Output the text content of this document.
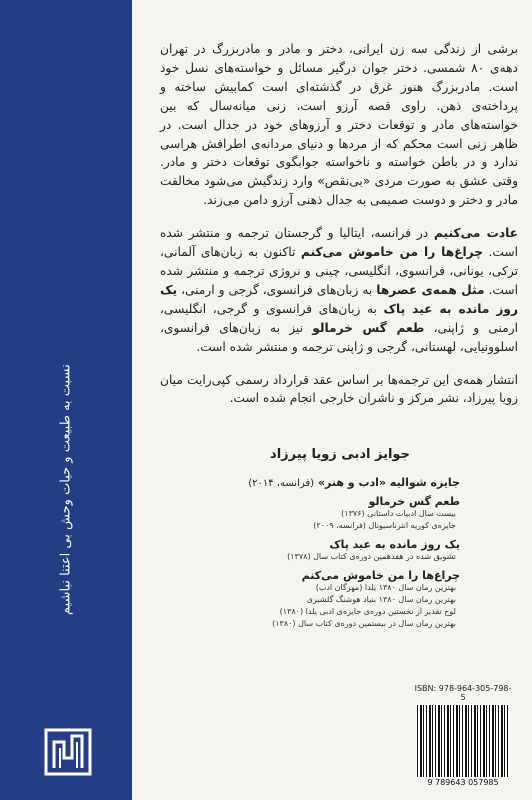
نسبت به طبیعت و حیات وحش بی اعتنا نباشیم

برشی از زندگی سه زن ایرانی، دختر و مادر و مادربزرگ در تهران دهه‌ی ۸۰ شمسی. دختر جوان درگیر مسائل و خواسته‌های نسل خود است. مادربزرگ هنوز غرق در گذشته‌ای است کمابیش ساخته و پرداخته‌ی ذهن. راوی قصه آرزو است، زنی میانه‌سال که بین خواسته‌های مادر و توقعات دختر و آرزوهای خود در جدال است. در ظاهر زنی است محکم که از مردها و دنیای مردانه‌ی اطرافش هراسی ندارد و در باطن خواسته و ناخواسته جوابگوی توقعات دختر و مادر. وقتی عشق به صورت مردی «بی‌نقص» وارد زندگیش می‌شود مخالفت مادر و دختر و دوست صمیمی به جدال ذهنی آرزو دامن می‌زند.

عادت می‌کنیم در فرانسه، ایتالیا و گرجستان ترجمه و منتشر شده است. چراغ‌ها را من خاموش می‌کنم تاکنون به زبان‌های آلمانی، ترکی، یونانی، فرانسوی، انگلیسی، چینی و نروژی ترجمه و منتشر شده است. مثل همه‌ی عصرها به زبان‌های فرانسوی، گرجی و ارمنی، یک روز مانده به عید پاک به زبان‌های فرانسوی و گرجی، انگلیسی، ارمنی و ژاپنی، طعم گس خرمالو نیز به زبان‌های فرانسوی، اسلوونیایی، لهستانی، گرجی و ژاپنی ترجمه و منتشر شده است.

انتشار همه‌ی این ترجمه‌ها بر اساس عقد قرارداد رسمی کپی‌رایت میان زویا پیرزاد، نشر مرکز و ناشران خارجی انجام شده است.

جوایز ادبی زویا پیرزاد
جایزه شوالیه «ادب و هنر» (فرانسه، ۲۰۱۴)
طعم گس خرمالو
بیست سال ادبیات داستانی (۱۳۷۶)
جایزه‌ی کوریه انترناسیونال (فرانسه، ۲۰۰۹)
یک روز مانده به عید پاک
تشویق شده در هفدهمین دوره‌ی کتاب سال (۱۳۷۸)
چراغ‌ها را من خاموش می‌کنم
بهترین رمان سال ۱۳۸۰ یلدا (مهرگان ادب)
بهترین رمان سال ۱۳۸۰ بنیاد هوشنگ گلشیری
لوح تقدیر از نخستین دوره‌ی جایزه‌ی ادبی یلدا (۱۳۸۰)
بهترین رمان سال در بیستمین دوره‌ی کتاب سال (۱۳۸۰)
ISBN: 978-964-305-798-5
9 789643 057985
